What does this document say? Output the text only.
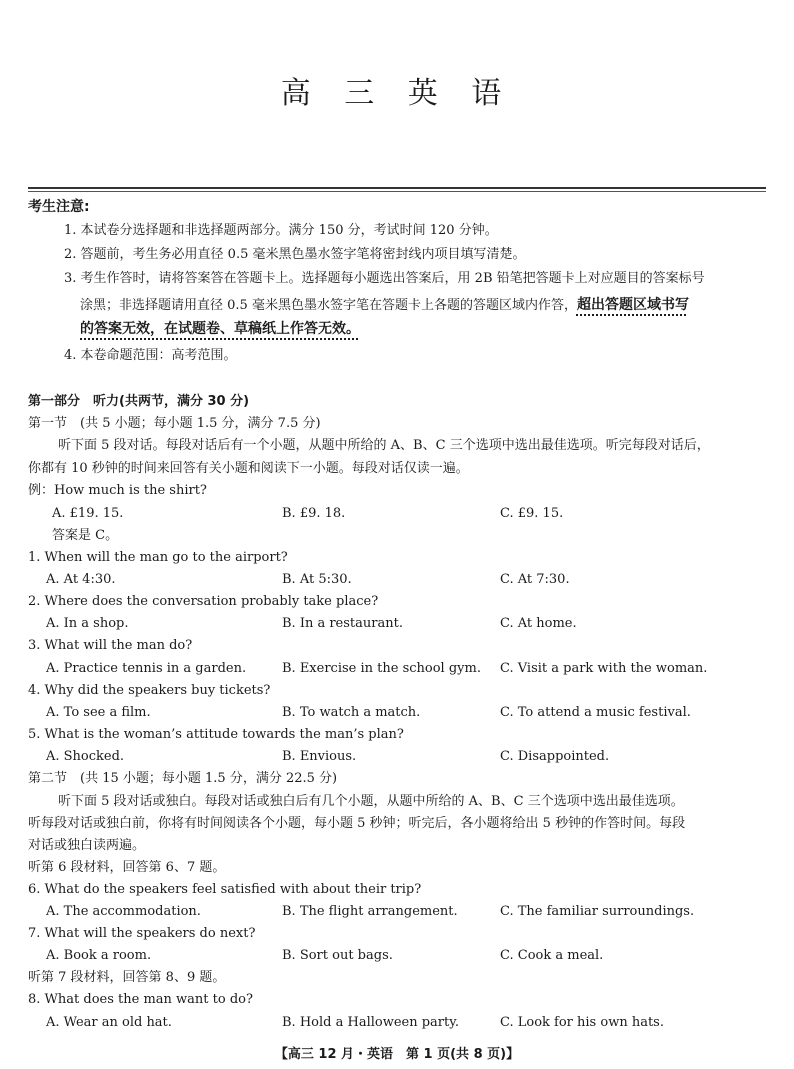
高 三 英 语
考生注意:
1. 本试卷分选择题和非选择题两部分。满分 150 分，考试时间 120 分钟。
2. 答题前，考生务必用直径 0.5 毫米黑色墨水签字笔将密封线内项目填写清楚。
3. 考生作答时，请将答案答在答题卡上。选择题每小题选出答案后，用 2B 铅笔把答题卡上对应题目的答案标号
涂黑；非选择题请用直径 0.5 毫米黑色墨水签字笔在答题卡上各题的答题区域内作答，超出答题区域书写
的答案无效，在试题卷、草稿纸上作答无效。
4. 本卷命题范围：高考范围。
第一部分　听力(共两节，满分 30 分)
第一节　(共 5 小题；每小题 1.5 分，满分 7.5 分)
听下面 5 段对话。每段对话后有一个小题，从题中所给的 A、B、C 三个选项中选出最佳选项。听完每段对话后，
你都有 10 秒钟的时间来回答有关小题和阅读下一小题。每段对话仅读一遍。
例：How much is the shirt?
A. £19. 15.	B. £9. 18.	C. £9. 15.
答案是 C。
1. When will the man go to the airport?
A. At 4:30.	B. At 5:30.	C. At 7:30.
2. Where does the conversation probably take place?
A. In a shop.	B. In a restaurant.	C. At home.
3. What will the man do?
A. Practice tennis in a garden.	B. Exercise in the school gym. C. Visit a park with the woman.
4. Why did the speakers buy tickets?
A. To see a film.	B. To watch a match.	C. To attend a music festival.
5. What is the woman’s attitude towards the man’s plan?
A. Shocked.	B. Envious.	C. Disappointed.
第二节　(共 15 小题；每小题 1.5 分，满分 22.5 分)
听下面 5 段对话或独白。每段对话或独白后有几个小题，从题中所给的 A、B、C 三个选项中选出最佳选项。
听每段对话或独白前，你将有时间阅读各个小题，每小题 5 秒钟；听完后，各小题将给出 5 秒钟的作答时间。每段
对话或独白读两遍。
听第 6 段材料，回答第 6、7 题。
6. What do the speakers feel satisfied with about their trip?
A. The accommodation.	B. The flight arrangement.	C. The familiar surroundings.
7. What will the speakers do next?
A. Book a room.	B. Sort out bags.	C. Cook a meal.
听第 7 段材料，回答第 8、9 题。
8. What does the man want to do?
A. Wear an old hat.	B. Hold a Halloween party.	C. Look for his own hats.
【高三 12 月・英语　第 1 页(共 8 页)】
